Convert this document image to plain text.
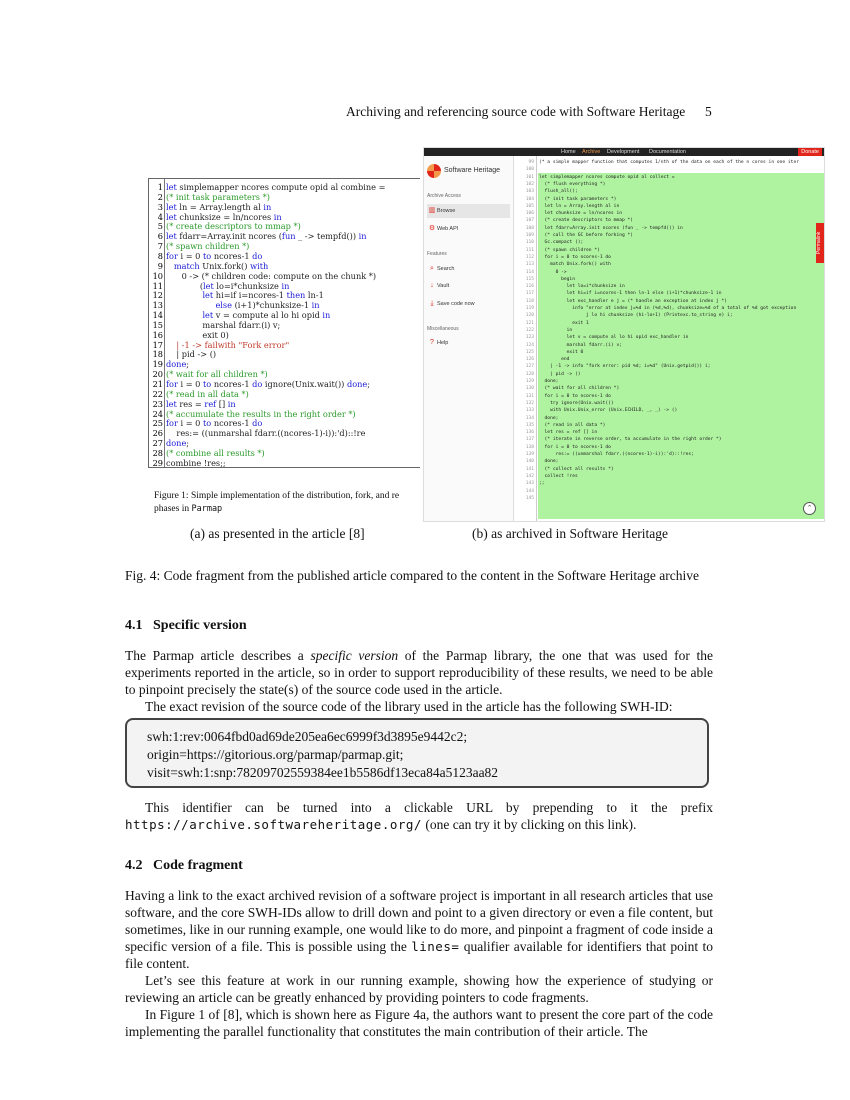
Archiving and referencing source code with Software Heritage 5
1 let simplemapper ncores compute opid al combine =
2 (* init task parameters *)
3 let ln = Array.length al in
4 let chunksize = ln/ncores in
5 (* create descriptors to mmap *)
6 let fdarr=Array.init ncores (fun _ -> tempfd()) in
7 (* spawn children *)
8 for i = 0 to ncores-1 do
9	match Unix.fork() with
10 0 -> (* children code: compute on the chunk *)
11 (let lo=i*chunksize in
12	let hi=if i=ncores-1 then ln-1
13	else (i+1)*chunksize-1 in
14	let v = compute al lo hi opid in
15 marshal fdarr.(i) v;
16 exit 0)
17 | -1 -> failwith "Fork error"
18 | pid -> ()
19 done;
20 (* wait for all children *)
21 for i = 0 to ncores-1 do ignore(Unix.wait()) done;
22 (* read in all data *)
23 let res = ref [] in
24 (* accumulate the results in the right order *)
25 for i = 0 to ncores-1 do
26 res:= ((unmarshal fdarr.((ncores-1)-i)):'d)::!re
27 done;
28 (* combine all results *)
29 combine !res;;
Figure 1: Simple implementation of the distribution, fork, and re
phases in Parmap
Home Archive Development Documentation	Donate
Software Heritage
Archive Access
▥ Browse
⚙ Web API
Features
⌕ Search
↓ Vault
⤓ Save code now
Miscellaneous
? Help
99 (* a simple mapper function that computes 1/nth of the data on each of the n cores in one iter
100
101 let simplemapper ncores compute opid al collect =
102 (* flush everything *)
103 flush_all();
104 (* init task parameters *)
105 let ln = Array.length al in
106 let chunksize = ln/ncores in
107 (* create descriptors to mmap *)
108 let fdarr=Array.init ncores (fun _ -> tempfd()) in
109 (* call the GC before forking *)
110 Gc.compact ();
111 (* spawn children *)
112 for i = 0 to ncores-1 do
113 match Unix.fork() with
114 0 ->
115 begin
116 let lo=i*chunksize in
117 let hi=if i=ncores-1 then ln-1 else (i+1)*chunksize-1 in
118 let exc_handler e j = (* handle an exception at index j *)
119 info "error at index j=%d in (%d,%d), chunksize=%d of a total of %d got exception
120 j lo hi chunksize (hi-lo+1) (Printexc.to_string e) i;
121 exit 1
122 in
123 let v = compute al lo hi opid exc_handler in
124 marshal fdarr.(i) v;
125 exit 0
126 end
127 | -1 -> info "fork error: pid %d; i=%d" (Unix.getpid()) i;
128 | pid -> ()
129 done;
130 (* wait for all children *)
131 for i = 0 to ncores-1 do
132 try ignore(Unix.wait())
133 with Unix.Unix_error (Unix.ECHILD, _, _) -> ()
134 done;
135 (* read in all data *)
136 let res = ref [] in
137 (* iterate in reverse order, to accumulate in the right order *)
138 for i = 0 to ncores-1 do
139 res:= ((unmarshal fdarr.((ncores-1)-i)):'d)::!res;
140 done;
141 (* collect all results *)
142 collect !res
143 ;;
144
145
Permalink
⌃
(a) as presented in the article [8]	(b) as archived in Software Heritage
Fig. 4: Code fragment from the published article compared to the content in the Software Heritage archive
4.1   Specific version

The Parmap article describes a specific version of the Parmap library, the one that was used for the experiments reported in the article, so in order to support reproducibility of these results, we need to be able to pinpoint precisely the state(s) of the source code used in the article.

The exact revision of the source code of the library used in the article has the following SWH-ID:

swh:1:rev:0064fbd0ad69de205ea6ec6999f3d3895e9442c2;
origin=https://gitorious.org/parmap/parmap.git;
visit=swh:1:snp:78209702559384ee1b5586df13eca84a5123aa82

This identifier can be turned into a clickable URL by prepending to it the prefix https://archive.softwareheritage.org/ (one can try it by clicking on this link).

4.2   Code fragment

Having a link to the exact archived revision of a software project is important in all research articles that use software, and the core SWH-IDs allow to drill down and point to a given directory or even a file content, but sometimes, like in our running example, one would like to do more, and pinpoint a fragment of code inside a specific version of a file. This is possible using the lines= qualifier available for identifiers that point to file content.

Let’s see this feature at work in our running example, showing how the experience of studying or reviewing an article can be greatly enhanced by providing pointers to code fragments.

In Figure 1 of [8], which is shown here as Figure 4a, the authors want to present the core part of the code implementing the parallel functionality that constitutes the main contribution of their article. The
